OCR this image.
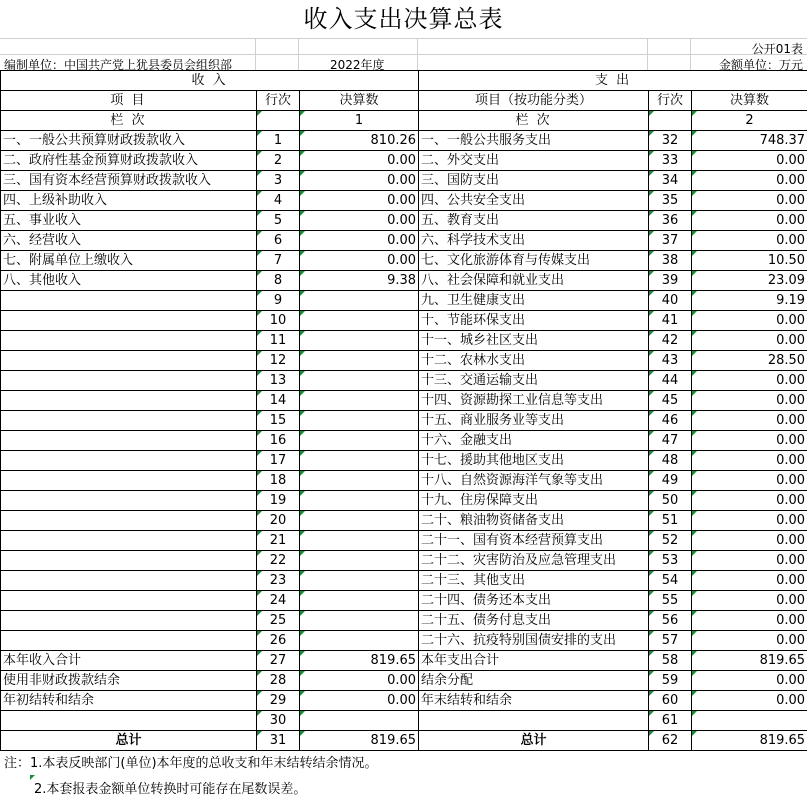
收入支出决算总表
公开01表
编制单位：中国共产党上犹县委员会组织部	2022年度	金额单位：万元
收 入			支 出		
项 目	行次	决算数	项目（按功能分类）	行次	决算数
栏 次		1	栏 次		2
一、一般公共预算财政拨款收入	1	810.26	一、一般公共服务支出	32	748.37
二、政府性基金预算财政拨款收入	2	0.00	二、外交支出	33	0.00
三、国有资本经营预算财政拨款收入	3	0.00	三、国防支出	34	0.00
四、上级补助收入	4	0.00	四、公共安全支出	35	0.00
五、事业收入	5	0.00	五、教育支出	36	0.00
六、经营收入	6	0.00	六、科学技术支出	37	0.00
七、附属单位上缴收入	7	0.00	七、文化旅游体育与传媒支出	38	10.50
八、其他收入	8	9.38	八、社会保障和就业支出	39	23.09
	9		九、卫生健康支出	40	9.19
	10		十、节能环保支出	41	0.00
	11		十一、城乡社区支出	42	0.00
	12		十二、农林水支出	43	28.50
	13		十三、交通运输支出	44	0.00
	14		十四、资源勘探工业信息等支出	45	0.00
	15		十五、商业服务业等支出	46	0.00
	16		十六、金融支出	47	0.00
	17		十七、援助其他地区支出	48	0.00
	18		十八、自然资源海洋气象等支出	49	0.00
	19		十九、住房保障支出	50	0.00
	20		二十、粮油物资储备支出	51	0.00
	21		二十一、国有资本经营预算支出	52	0.00
	22		二十二、灾害防治及应急管理支出	53	0.00
	23		二十三、其他支出	54	0.00
	24		二十四、债务还本支出	55	0.00
	25		二十五、债务付息支出	56	0.00
	26		二十六、抗疫特别国债安排的支出	57	0.00
本年收入合计	27	819.65	本年支出合计	58	819.65
使用非财政拨款结余	28	0.00	结余分配	59	0.00
年初结转和结余	29	0.00	年末结转和结余	60	0.00
	30			61	
总计	31	819.65	总计	62	819.65
注：1.本表反映部门(单位)本年度的总收支和年末结转结余情况。
2.本套报表金额单位转换时可能存在尾数误差。
